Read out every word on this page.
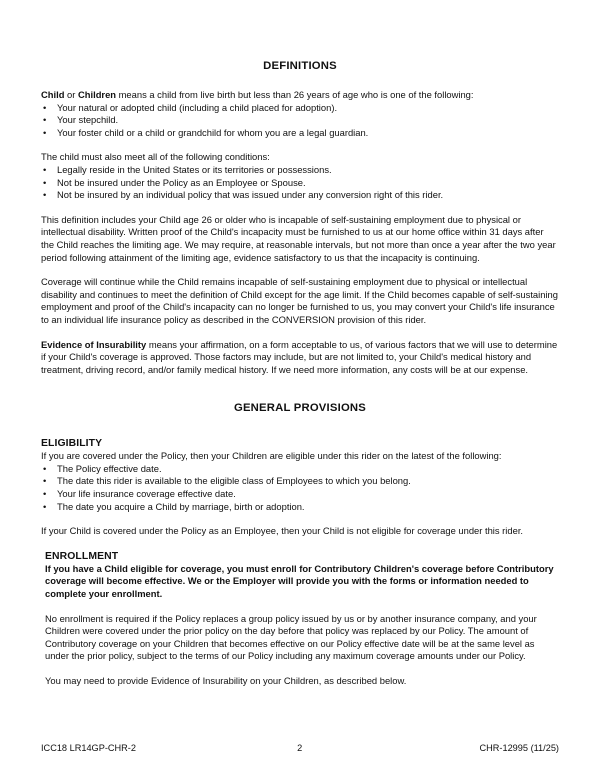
DEFINITIONS

Child or Children means a child from live birth but less than 26 years of age who is one of the following:

• Your natural or adopted child (including a child placed for adoption).
• Your stepchild.
• Your foster child or a child or grandchild for whom you are a legal guardian.

The child must also meet all of the following conditions:

• Legally reside in the United States or its territories or possessions.
• Not be insured under the Policy as an Employee or Spouse.
• Not be insured by an individual policy that was issued under any conversion right of this rider.

This definition includes your Child age 26 or older who is incapable of self-sustaining employment due to physical or intellectual disability. Written proof of the Child's incapacity must be furnished to us at our home office within 31 days after the Child reaches the limiting age. We may require, at reasonable intervals, but not more than once a year after the two year period following attainment of the limiting age, evidence satisfactory to us that the incapacity is continuing.

Coverage will continue while the Child remains incapable of self-sustaining employment due to physical or intellectual disability and continues to meet the definition of Child except for the age limit. If the Child becomes capable of self-sustaining employment and proof of the Child's incapacity can no longer be furnished to us, you may convert your Child's life insurance to an individual life insurance policy as described in the CONVERSION provision of this rider.

Evidence of Insurability means your affirmation, on a form acceptable to us, of various factors that we will use to determine if your Child's coverage is approved. Those factors may include, but are not limited to, your Child's medical history and treatment, driving record, and/or family medical history. If we need more information, any costs will be at our expense.

GENERAL PROVISIONS
ELIGIBILITY

If you are covered under the Policy, then your Children are eligible under this rider on the latest of the following:

• The Policy effective date.
• The date this rider is available to the eligible class of Employees to which you belong.
• Your life insurance coverage effective date.
• The date you acquire a Child by marriage, birth or adoption.

If your Child is covered under the Policy as an Employee, then your Child is not eligible for coverage under this rider.

ENROLLMENT

If you have a Child eligible for coverage, you must enroll for Contributory Children's coverage before Contributory coverage will become effective. We or the Employer will provide you with the forms or information needed to complete your enrollment.

No enrollment is required if the Policy replaces a group policy issued by us or by another insurance company, and your Children were covered under the prior policy on the day before that policy was replaced by our Policy. The amount of Contributory coverage on your Children that becomes effective on our Policy effective date will be at the same level as under the prior policy, subject to the terms of our Policy including any maximum coverage amounts under our Policy.

You may need to provide Evidence of Insurability on your Children, as described below.

ICC18 LR14GP-CHR-2	2	CHR-12995 (11/25)
